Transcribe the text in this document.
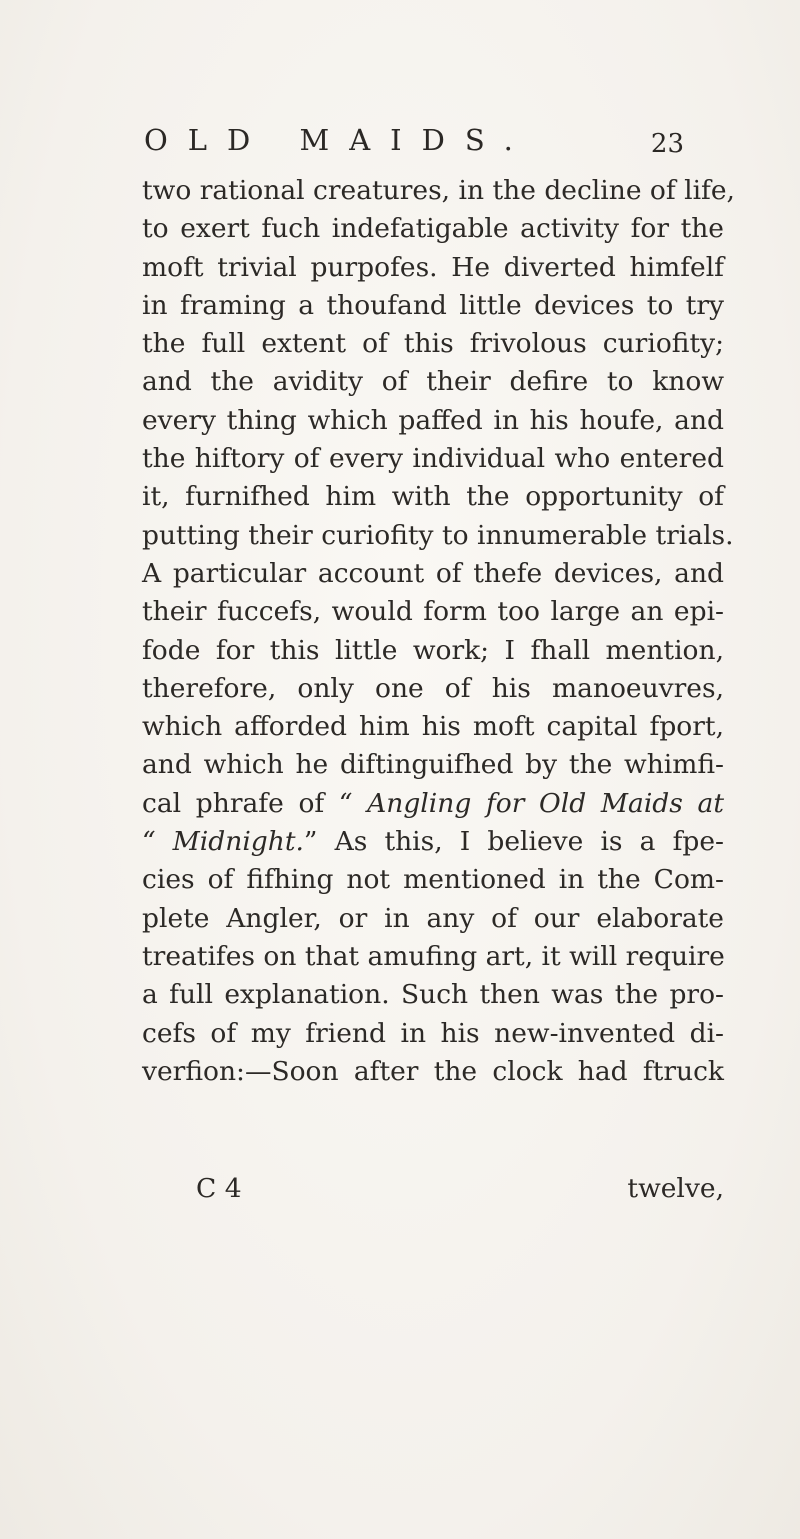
OLD MAIDS.	23
two rational creatures, in the decline of life,
to exert fuch indefatigable activity for the
moft trivial purpofes. He diverted himfelf
in framing a thoufand little devices to try
the full extent of this frivolous curiofity;
and the avidity of their defire to know
every thing which paffed in his houfe, and
the hiftory of every individual who entered
it, furnifhed him with the opportunity of
putting their curiofity to innumerable trials.
A particular account of thefe devices, and
their fuccefs, would form too large an epi-
fode for this little work; I fhall mention,
therefore, only one of his manoeuvres,
which afforded him his moft capital fport,
and which he diftinguifhed by the whimfi-
cal phrafe of “ Angling for Old Maids at
“ Midnight.” As this, I believe is a fpe-
cies of fifhing not mentioned in the Com-
plete Angler, or in any of our elaborate
treatifes on that amufing art, it will require
a full explanation. Such then was the pro-
cefs of my friend in his new-invented di-
verfion:—Soon after the clock had ftruck
C 4	twelve,
